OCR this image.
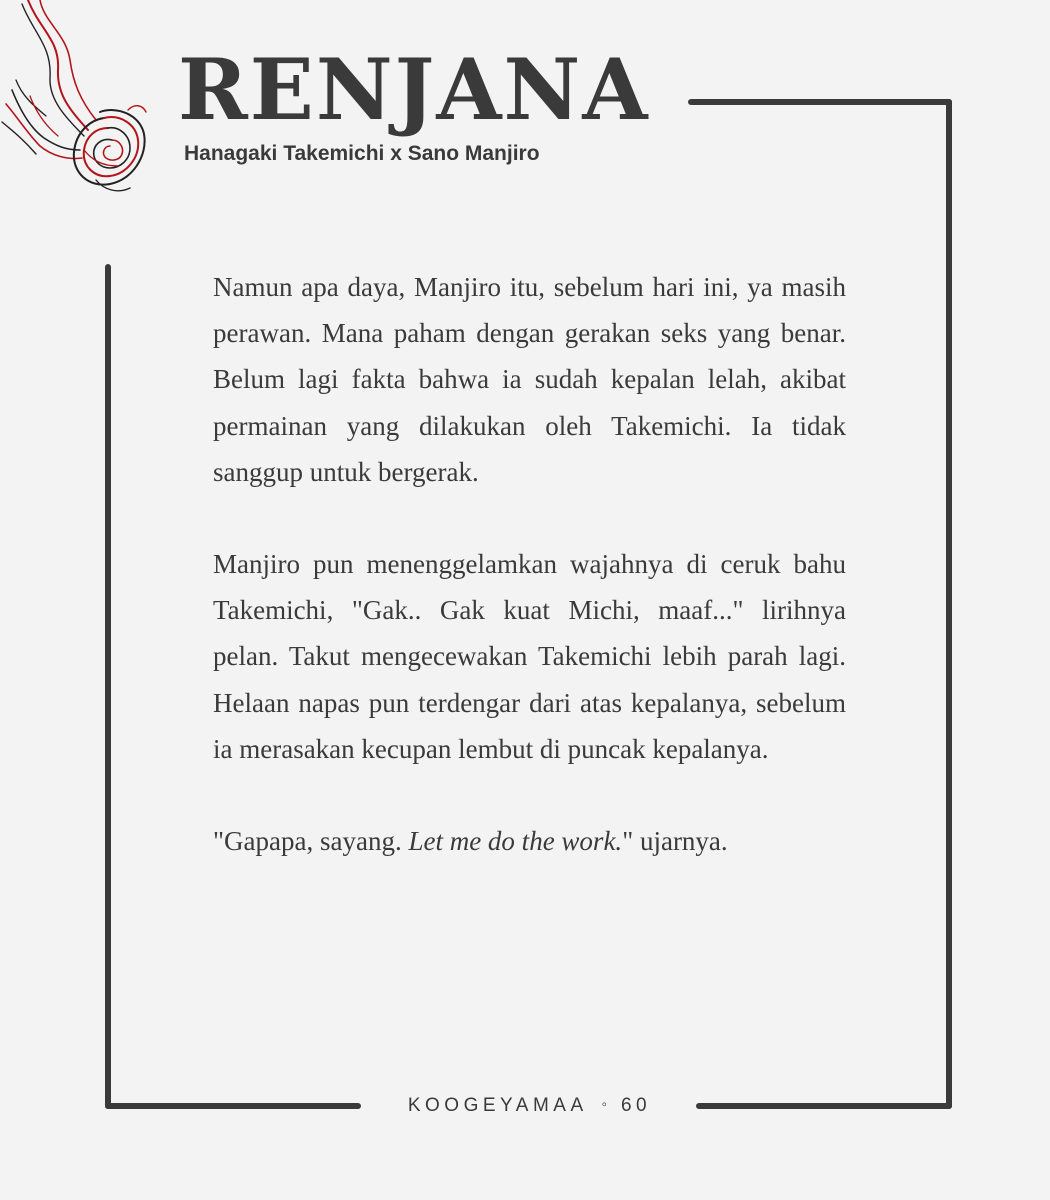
RENJANA
Hanagaki Takemichi x Sano Manjiro

Namun apa daya, Manjiro itu, sebelum hari ini, ya masih perawan. Mana paham dengan gerakan seks yang benar. Belum lagi fakta bahwa ia sudah kepalan lelah, akibat permainan yang dilakukan oleh Takemichi. Ia tidak sanggup untuk bergerak.

Manjiro pun menenggelamkan wajahnya di ceruk bahu Takemichi, "Gak.. Gak kuat Michi, maaf..." lirihnya pelan. Takut mengecewakan Takemichi lebih parah lagi. Helaan napas pun terdengar dari atas kepalanya, sebelum ia merasakan kecupan lembut di puncak kepalanya.

"Gapapa, sayang. Let me do the work." ujarnya.

KOOGEYAMAA ◦ 60
